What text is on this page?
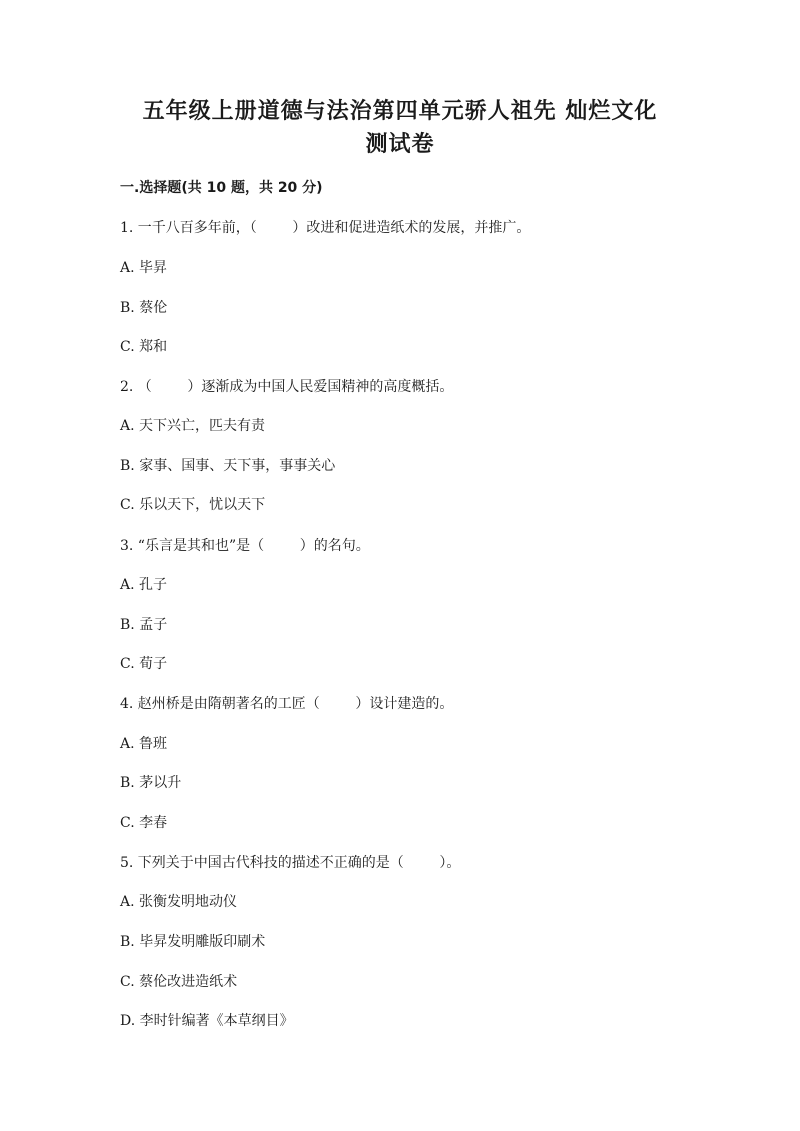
五年级上册道德与法治第四单元骄人祖先 灿烂文化
测试卷
一.选择题(共 10 题，共 20 分)
1. 一千八百多年前，（        ）改进和促进造纸术的发展，并推广。
A. 毕昇
B. 蔡伦
C. 郑和
2. （        ）逐渐成为中国人民爱国精神的高度概括。
A. 天下兴亡，匹夫有责
B. 家事、国事、天下事，事事关心
C. 乐以天下，忧以天下
3. “乐言是其和也”是（        ）的名句。
A. 孔子
B. 孟子
C. 荀子
4. 赵州桥是由隋朝著名的工匠（        ）设计建造的。
A. 鲁班
B. 茅以升
C. 李春
5. 下列关于中国古代科技的描述不正确的是（        ）。
A. 张衡发明地动仪
B. 毕昇发明雕版印刷术
C. 蔡伦改进造纸术
D. 李时针编著《本草纲目》
